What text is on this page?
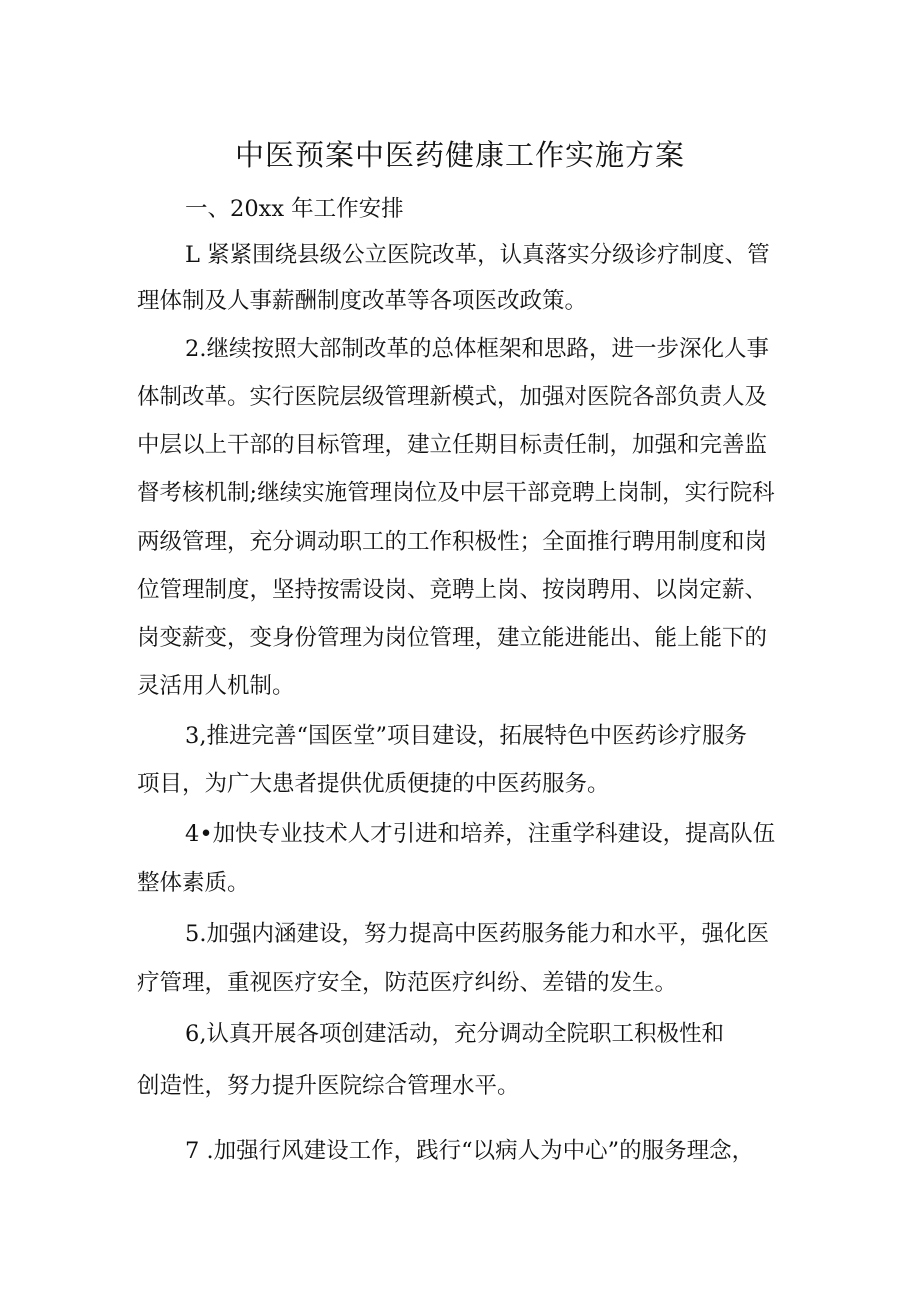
中医预案中医药健康工作实施方案
一、20xx 年工作安排
L 紧紧围绕县级公立医院改革，认真落实分级诊疗制度、管
理体制及人事薪酬制度改革等各项医改政策。
2.继续按照大部制改革的总体框架和思路，进一步深化人事
体制改革。实行医院层级管理新模式，加强对医院各部负责人及
中层以上干部的目标管理，建立任期目标责任制，加强和完善监
督考核机制;继续实施管理岗位及中层干部竞聘上岗制，实行院科
两级管理，充分调动职工的工作积极性；全面推行聘用制度和岗
位管理制度，坚持按需设岗、竞聘上岗、按岗聘用、以岗定薪、
岗变薪变，变身份管理为岗位管理，建立能进能出、能上能下的
灵活用人机制。
3,推进完善“国医堂”项目建设，拓展特色中医药诊疗服务
项目，为广大患者提供优质便捷的中医药服务。
4•加快专业技术人才引进和培养，注重学科建设，提高队伍
整体素质。
5.加强内涵建设，努力提高中医药服务能力和水平，强化医
疗管理，重视医疗安全，防范医疗纠纷、差错的发生。
6,认真开展各项创建活动，充分调动全院职工积极性和
创造性，努力提升医院综合管理水平。
7 .加强行风建设工作，践行“以病人为中心”的服务理念，
